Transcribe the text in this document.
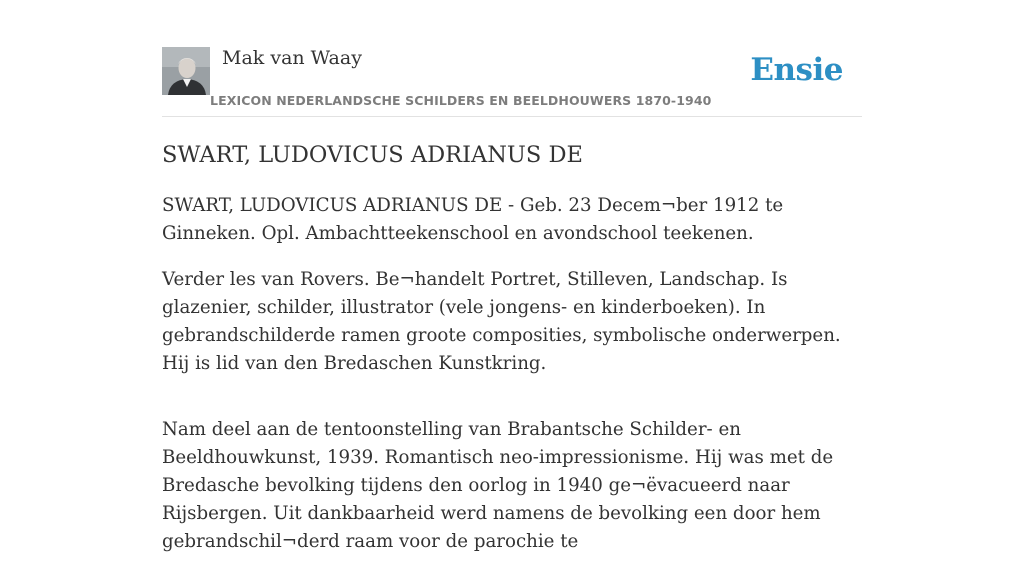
Mak van Waay
LEXICON NEDERLANDSCHE SCHILDERS EN BEELDHOUWERS 1870-1940
Ensie
SWART, LUDOVICUS ADRIANUS DE

SWART, LUDOVICUS ADRIANUS DE - Geb. 23 Decem¬ber 1912 te Ginneken. Opl. Ambachtteekenschool en avondschool teekenen.

Verder les van Rovers. Be¬handelt Portret, Stilleven, Landschap. Is glazenier, schilder, illustrator (vele jongens- en kinderboeken). In gebrandschilderde ramen groote composities, symbolische onderwerpen. Hij is lid van den Bredaschen Kunstkring.

Nam deel aan de tentoonstelling van Brabantsche Schilder- en Beeldhouwkunst, 1939. Romantisch neo-impressionisme. Hij was met de Bredasche bevolking tijdens den oorlog in 1940 ge¬ëvacueerd naar Rijsbergen. Uit dankbaarheid werd namens de bevolking een door hem gebrandschil¬derd raam voor de parochie te
